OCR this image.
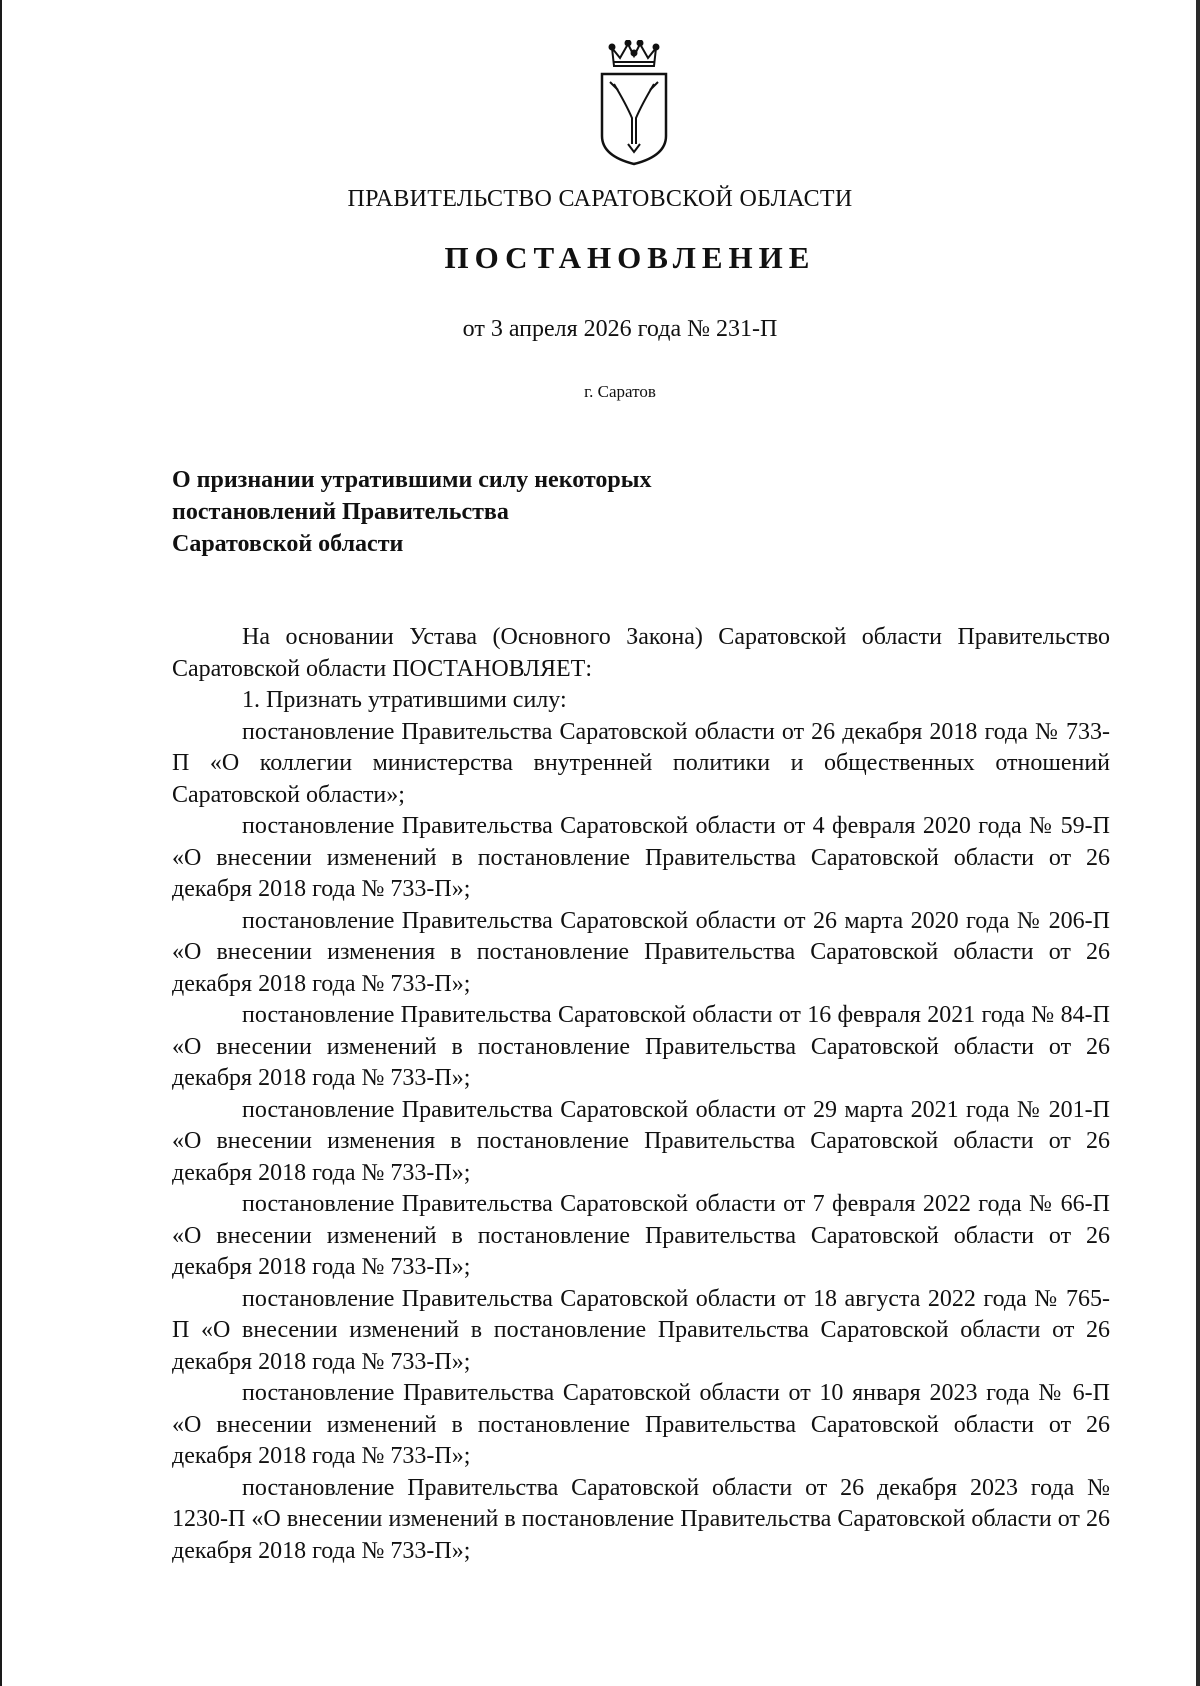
ПРАВИТЕЛЬСТВО САРАТОВСКОЙ ОБЛАСТИ
ПОСТАНОВЛЕНИЕ
от 3 апреля 2026 года № 231-П
г. Саратов
О признании утратившими силу некоторых
постановлений Правительства
Саратовской области

На основании Устава (Основного Закона) Саратовской области Правительство Саратовской области ПОСТАНОВЛЯЕТ:

1. Признать утратившими силу:

постановление Правительства Саратовской области от 26 декабря 2018 года № 733-П «О коллегии министерства внутренней политики и общественных отношений Саратовской области»;

постановление Правительства Саратовской области от 4 февраля 2020 года № 59-П «О внесении изменений в постановление Правительства Саратовской области от 26 декабря 2018 года № 733-П»;

постановление Правительства Саратовской области от 26 марта 2020 года № 206-П «О внесении изменения в постановление Правительства Саратовской области от 26 декабря 2018 года № 733-П»;

постановление Правительства Саратовской области от 16 февраля 2021 года № 84-П «О внесении изменений в постановление Правительства Саратовской области от 26 декабря 2018 года № 733-П»;

постановление Правительства Саратовской области от 29 марта 2021 года № 201-П «О внесении изменения в постановление Правительства Саратовской области от 26 декабря 2018 года № 733-П»;

постановление Правительства Саратовской области от 7 февраля 2022 года № 66-П «О внесении изменений в постановление Правительства Саратовской области от 26 декабря 2018 года № 733-П»;

постановление Правительства Саратовской области от 18 августа 2022 года № 765-П «О внесении изменений в постановление Правительства Саратовской области от 26 декабря 2018 года № 733-П»;

постановление Правительства Саратовской области от 10 января 2023 года № 6-П «О внесении изменений в постановление Правительства Саратовской области от 26 декабря 2018 года № 733-П»;

постановление Правительства Саратовской области от 26 декабря 2023 года № 1230-П «О внесении изменений в постановление Правительства Саратовской области от 26 декабря 2018 года № 733-П»;
